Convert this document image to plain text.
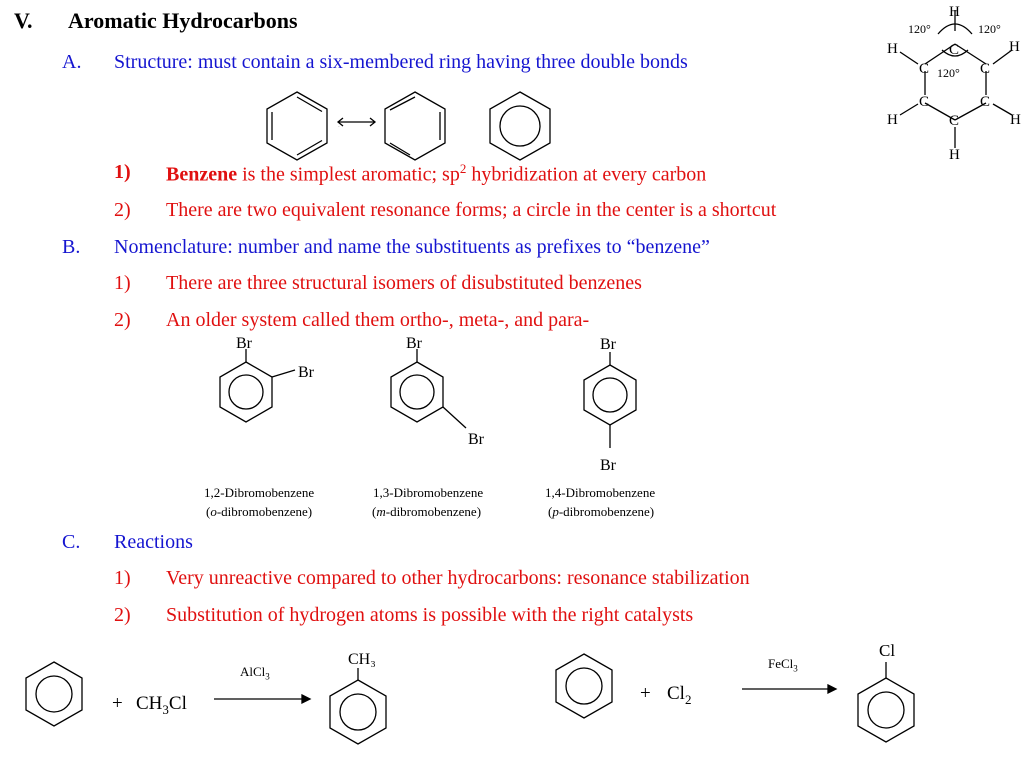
V. Aromatic Hydrocarbons
A. Structure: must contain a six-membered ring having three double bonds
1) Benzene is the simplest aromatic; $sp^2$ hybridization at every carbon
2) There are two equivalent resonance forms; a circle in the center is a shortcut
B. Nomenclature: number and name the substituents as prefixes to “benzene”
1) There are three structural isomers of disubstituted benzenes
2) An older system called them ortho-, meta-, and para-
1,2-Dibromobenzene
(o-dibromobenzene)
1,3-Dibromobenzene
(m-dibromobenzene)
1,4-Dibromobenzene
(p-dibromobenzene)
C. Reactions
1) Very unreactive compared to other hydrocarbons: resonance stabilization
2) Substitution of hydrogen atoms is possible with the right catalysts
+ $CH_3Cl$
AlCl$_3$
+ $Cl_2$
FeCl$_3$
C
C	C
C	C
C
H
H	H
H	H
H
120°	120°
120°
Br
Br
Br
Br
Br
Br
CH₃	Cl
⟷
